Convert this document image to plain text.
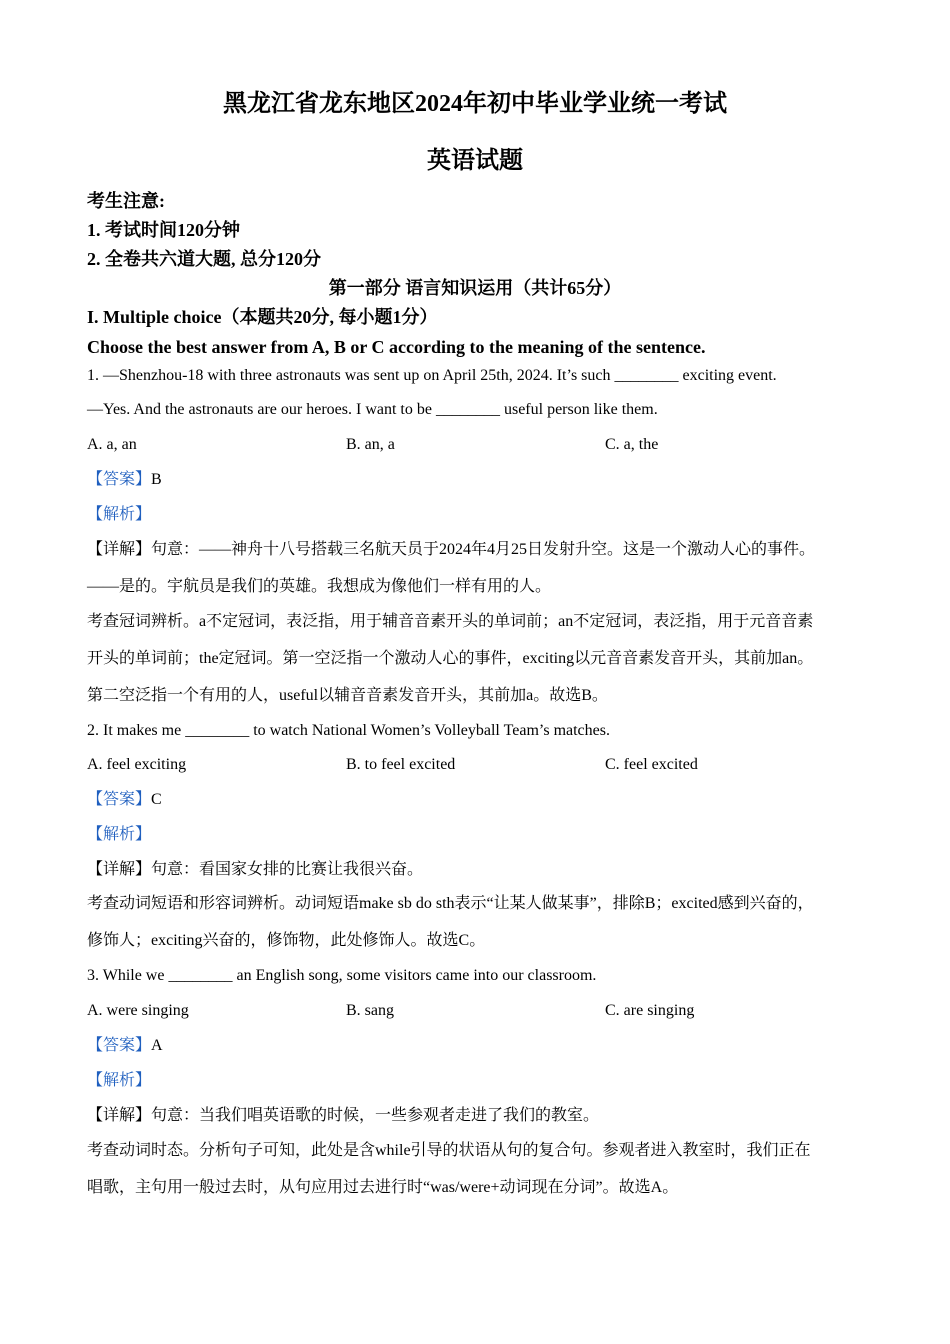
黑龙江省龙东地区2024年初中毕业学业统一考试
英语试题
考生注意:
1. 考试时间120分钟
2. 全卷共六道大题, 总分120分
第一部分 语言知识运用（共计65分）
I. Multiple choice（本题共20分, 每小题1分）
Choose the best answer from A, B or C according to the meaning of the sentence.
1. —Shenzhou-18 with three astronauts was sent up on April 25th, 2024. It’s such ________ exciting event.
—Yes. And the astronauts are our heroes. I want to be ________ useful person like them.
A. a, an	B. an, a	C. a, the
【答案】B
【解析】
【详解】句意：——神舟十八号搭载三名航天员于2024年4月25日发射升空。这是一个激动人心的事件。
——是的。宇航员是我们的英雄。我想成为像他们一样有用的人。
考查冠词辨析。a不定冠词，表泛指，用于辅音音素开头的单词前；an不定冠词，表泛指，用于元音音素
开头的单词前；the定冠词。第一空泛指一个激动人心的事件，exciting以元音音素发音开头，其前加an。
第二空泛指一个有用的人，useful以辅音音素发音开头，其前加a。故选B。
2. It makes me ________ to watch National Women’s Volleyball Team’s matches.
A. feel exciting	B. to feel excited	C. feel excited
【答案】C
【解析】
【详解】句意：看国家女排的比赛让我很兴奋。
考查动词短语和形容词辨析。动词短语make sb do sth表示“让某人做某事”，排除B；excited感到兴奋的，
修饰人；exciting兴奋的，修饰物，此处修饰人。故选C。
3. While we ________ an English song, some visitors came into our classroom.
A. were singing	B. sang	C. are singing
【答案】A
【解析】
【详解】句意：当我们唱英语歌的时候，一些参观者走进了我们的教室。
考查动词时态。分析句子可知，此处是含while引导的状语从句的复合句。参观者进入教室时，我们正在
唱歌，主句用一般过去时，从句应用过去进行时“was/were+动词现在分词”。故选A。
